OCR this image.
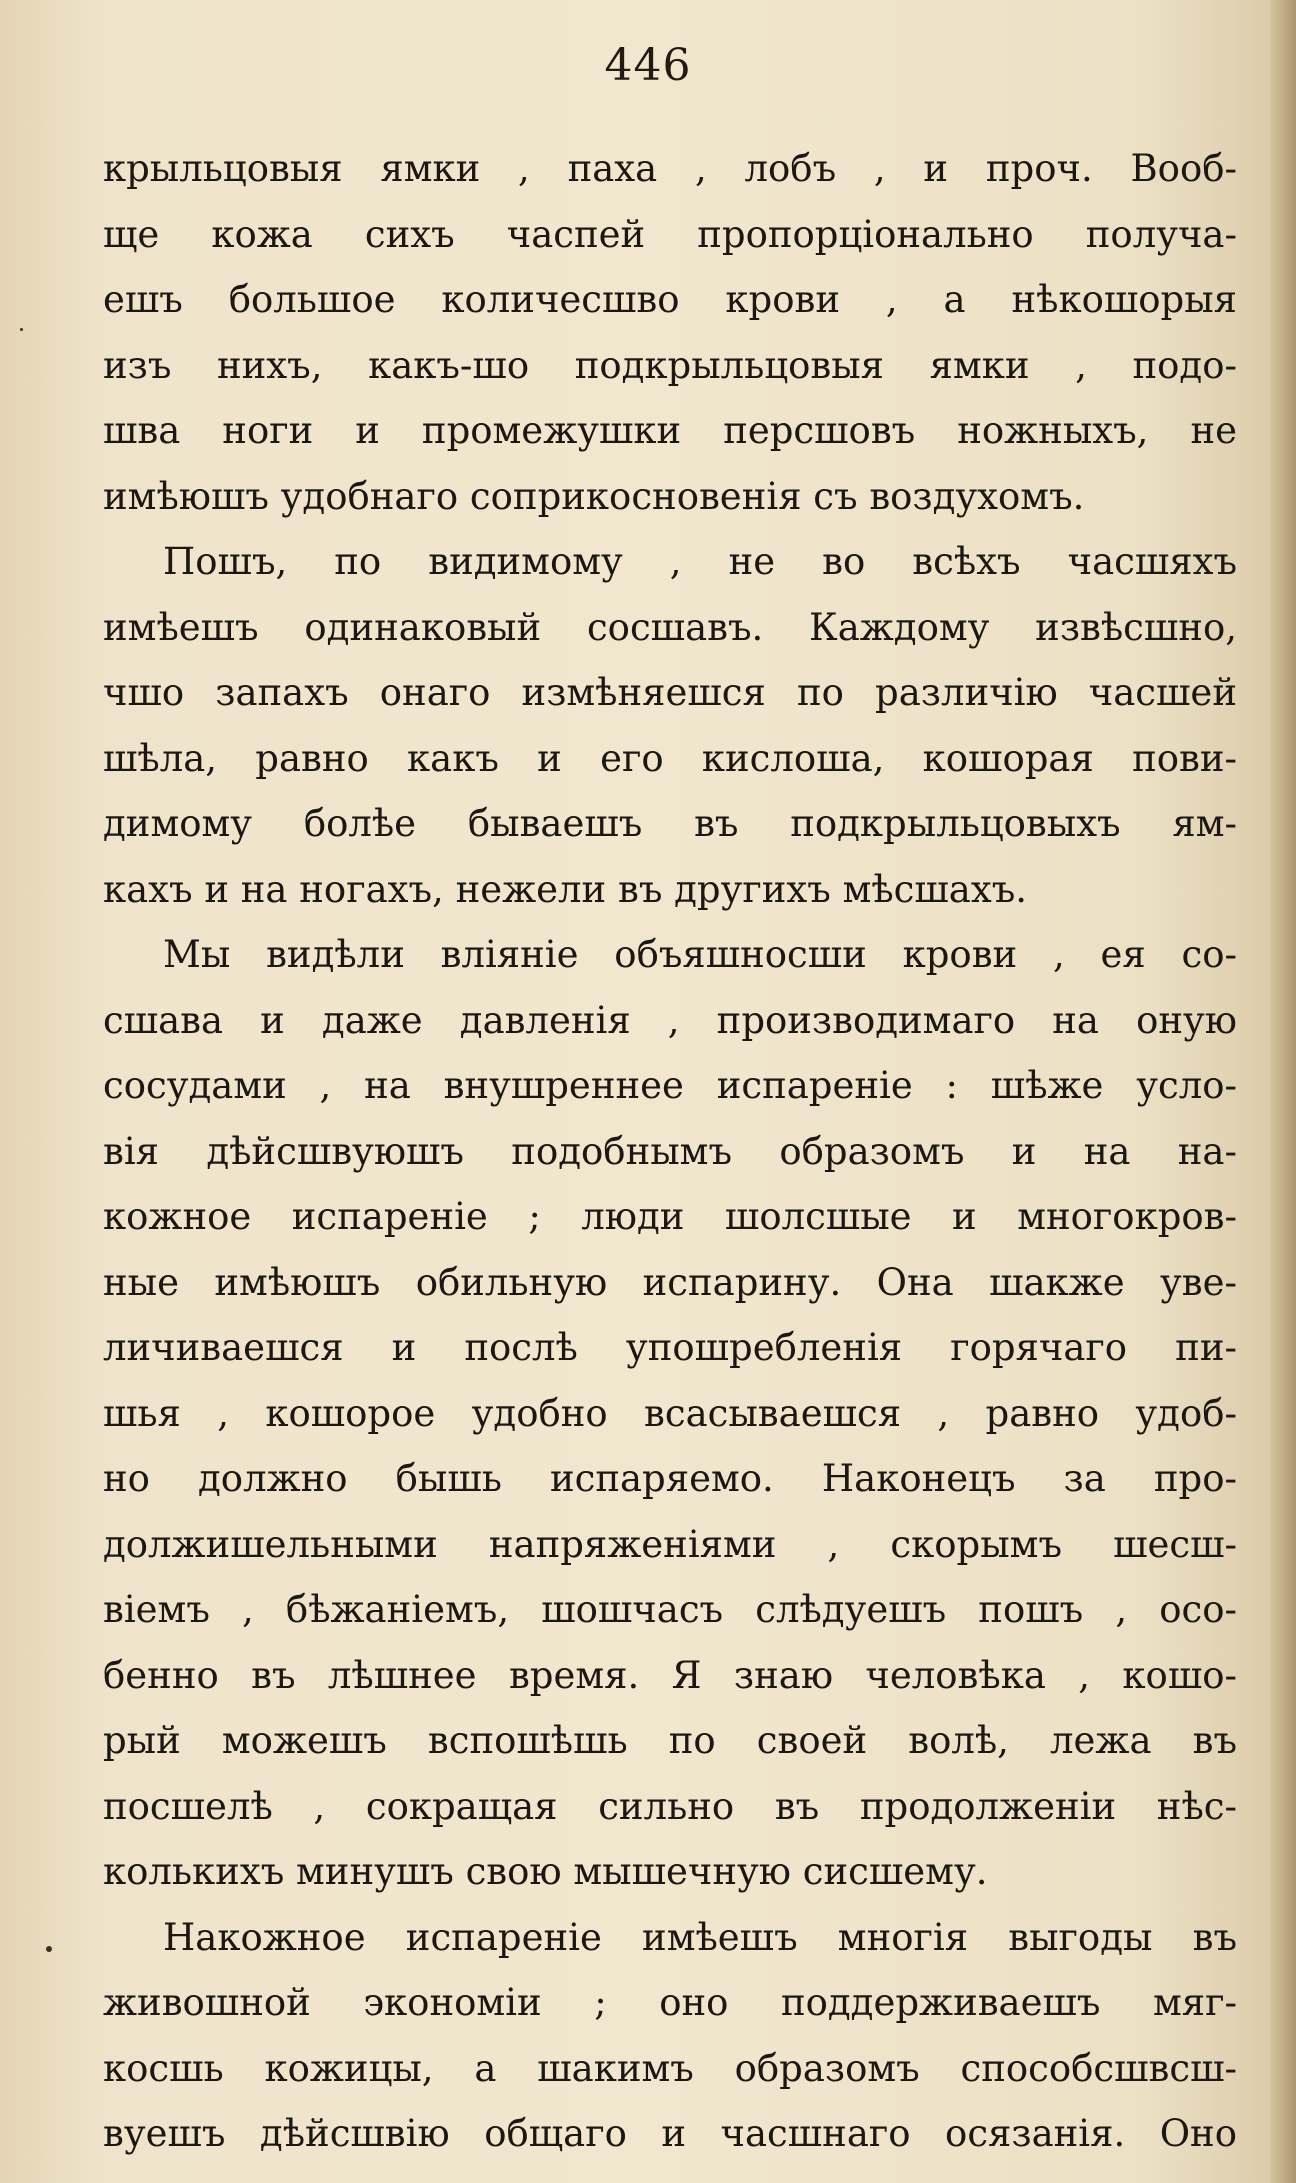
446
крыльцовыя ямки , паха , лобъ , и проч. Вооб-
ще кожа сихъ часпей пропорціонально получа-
ешъ большое количесшво крови , а нѣкошорыя
изъ нихъ, какъ-шо подкрыльцовыя ямки , подо-
шва ноги и промежушки персшовъ ножныхъ, не
имѣюшъ удобнаго соприкосновенія съ воздухомъ.
Пошъ, по видимому , не во всѣхъ часшяхъ
имѣешъ одинаковый сосшавъ. Каждому извѣсшно,
чшо запахъ онаго измѣняешся по различію часшей
шѣла, равно какъ и его кислоша, кошорая пови-
димому болѣе бываешъ въ подкрыльцовыхъ ям-
кахъ и на ногахъ, нежели въ другихъ мѣсшахъ.
Мы видѣли вліяніе объяшносши крови , ея со-
сшава и даже давленія , производимаго на оную
сосудами , на внушреннее испареніе : шѣже усло-
вія дѣйсшвуюшъ подобнымъ образомъ и на на-
кожное испареніе ; люди шолсшые и многокров-
ные имѣюшъ обильную испарину. Она шакже уве-
личиваешся и послѣ упошребленія горячаго пи-
шья , кошорое удобно всасываешся , равно удоб-
но должно бышь испаряемо. Наконецъ за про-
должишельными напряженіями , скорымъ шесш-
віемъ , бѣжаніемъ, шошчасъ слѣдуешъ пошъ , осо-
бенно въ лѣшнее время. Я знаю человѣка , кошо-
рый можешъ вспошѣшь по своей волѣ, лежа въ
посшелѣ , сокращая сильно въ продолженіи нѣс-
колькихъ минушъ свою мышечную сисшему.
Накожное испареніе имѣешъ многія выгоды въ
живошной экономіи ; оно поддерживаешъ мяг-
косшь кожицы, а шакимъ образомъ способсшвсш-
вуешъ дѣйсшвію общаго и часшнаго осязанія. Оно
